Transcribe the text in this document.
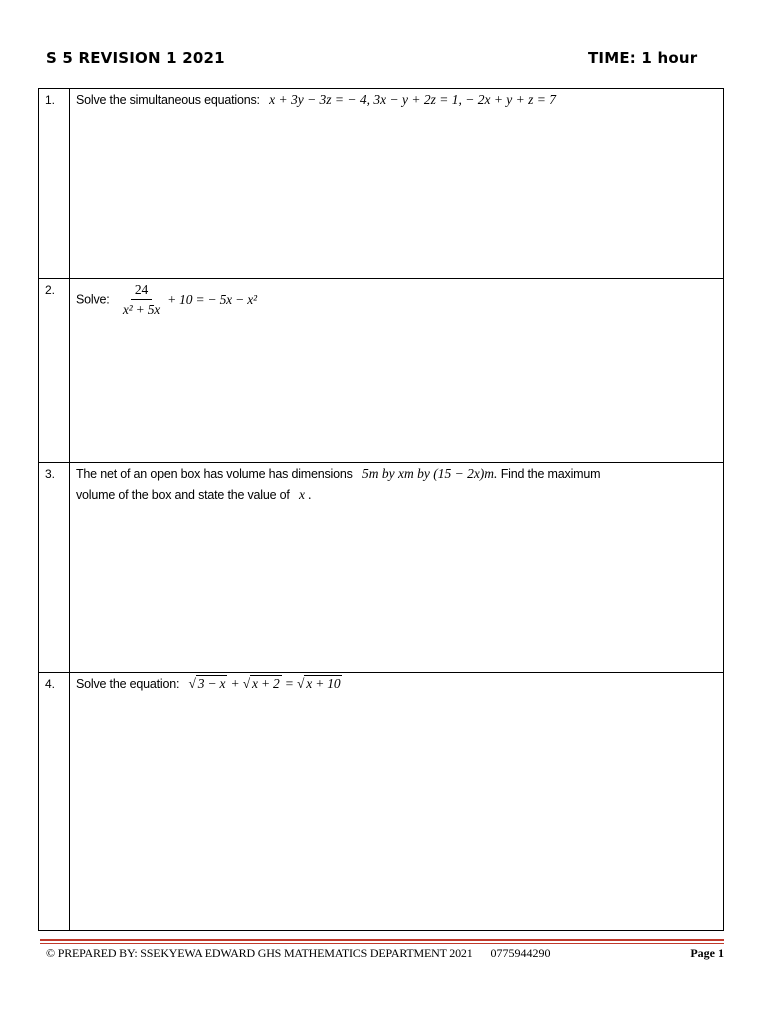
S 5 REVISION 1 2021	TIME: 1 hour
1.	Solve the simultaneous equations: x + 3y − 3z = − 4, 3x − y + 2z = 1, − 2x + y + z = 7
2.	Solve: $\frac{24}{\text{x² + 5x}} + 10$ = − 5x − x²

3.	The net of an open box has volume has dimensions 5m by xm by (15 − 2x)m. Find the maximum
volume of the box and state the value of x .

4.	Solve the equation: √ 3 − x + √ x + 2 = √ x + 10
© PREPARED BY: SSEKYEWA EDWARD GHS MATHEMATICS DEPARTMENT 2021 0775944290	Page 1
